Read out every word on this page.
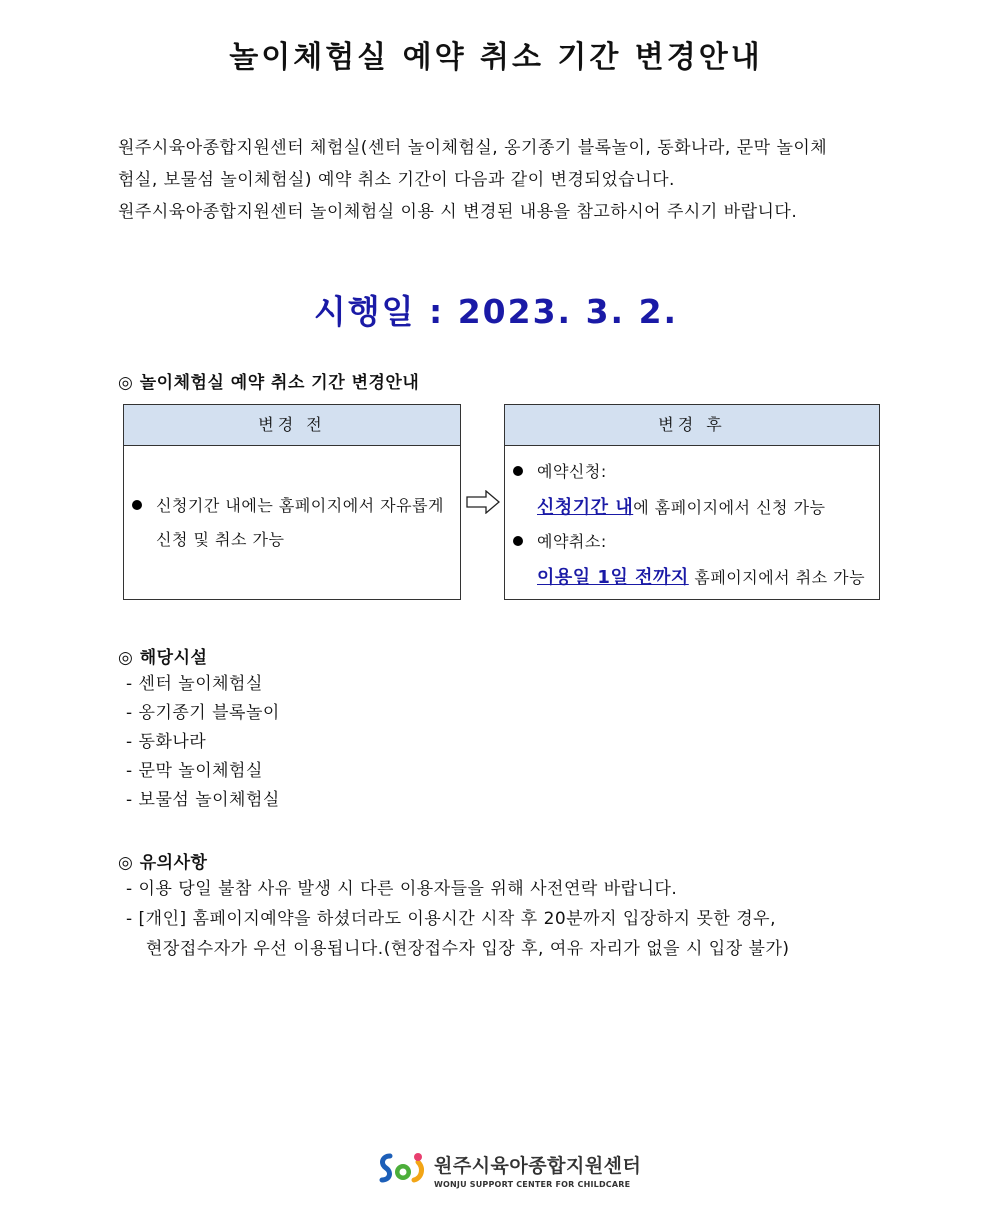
놀이체험실 예약 취소 기간 변경안내

원주시육아종합지원센터 체험실(센터 놀이체험실, 옹기종기 블록놀이, 동화나라, 문막 놀이체

험실, 보물섬 놀이체험실) 예약 취소 기간이 다음과 같이 변경되었습니다.

원주시육아종합지원센터 놀이체험실 이용 시 변경된 내용을 참고하시어 주시기 바랍니다.

시행일 : 2023. 3. 2.
◎ 놀이체험실 예약 취소 기간 변경안내
변경 전
신청기간 내에는 홈페이지에서 자유롭게
신청 및 취소 가능
변경 후
예약신청:
신청기간 내에 홈페이지에서 신청 가능
예약취소:
이용일 1일 전까지 홈페이지에서 취소 가능
◎ 해당시설
- 센터 놀이체험실
- 옹기종기 블록놀이
- 동화나라
- 문막 놀이체험실
- 보물섬 놀이체험실
◎ 유의사항
- 이용 당일 불참 사유 발생 시 다른 이용자들을 위해 사전연락 바랍니다.
- [개인] 홈페이지예약을 하셨더라도 이용시간 시작 후 20분까지 입장하지 못한 경우,
현장접수자가 우선 이용됩니다.(현장접수자 입장 후, 여유 자리가 없을 시 입장 불가)
원주시육아종합지원센터
WONJU SUPPORT CENTER FOR CHILDCARE
